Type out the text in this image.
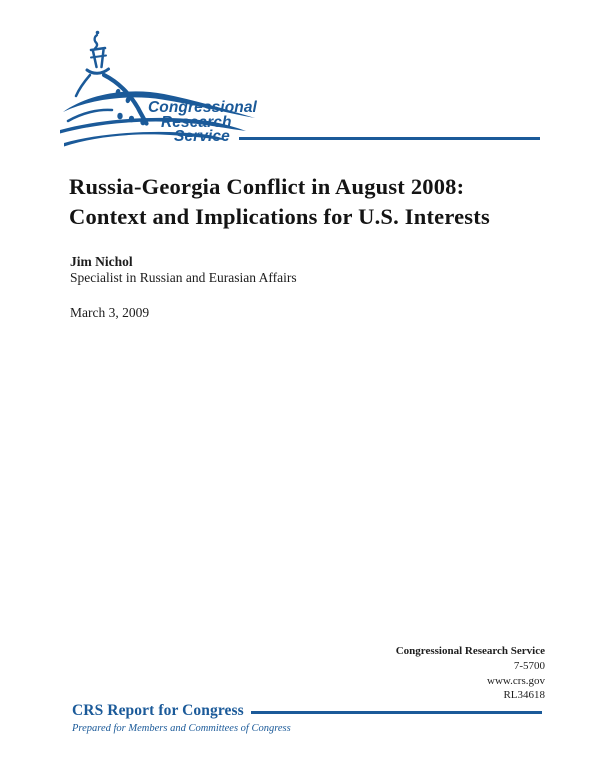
Congressional
Research
Service
Russia-Georgia Conflict in August 2008:
Context and Implications for U.S. Interests
Jim Nichol
Specialist in Russian and Eurasian Affairs
March 3, 2009
Congressional Research Service
7-5700
www.crs.gov
RL34618
CRS Report for Congress
Prepared for Members and Committees of Congress
